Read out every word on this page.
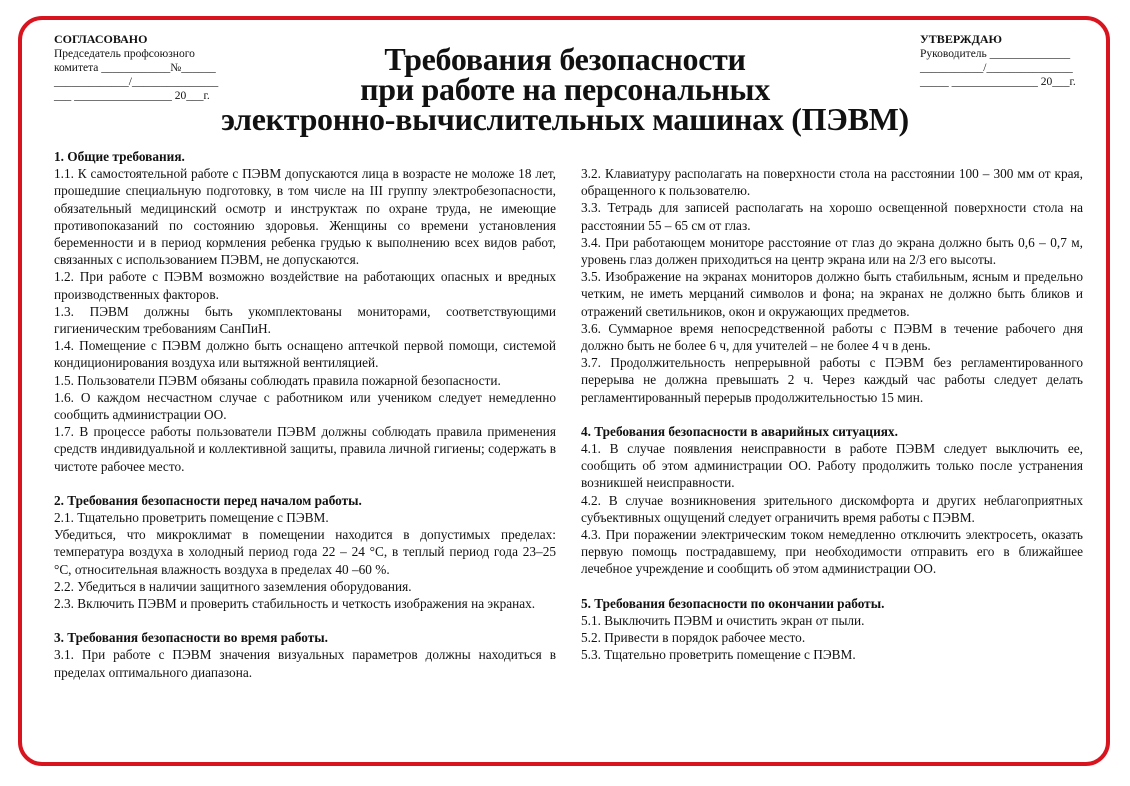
СОГЛАСОВАНО
Председатель профсоюзного
комитета ____________№______
_____________/_______________
___ _________________ 20___г.
УТВЕРЖДАЮ
Руководитель ______________
___________/_______________
_____ _______________ 20___г.
Требования безопасности
при работе на персональных
электронно-вычислительных машинах (ПЭВМ)

1. Общие требования.

1.1. К самостоятельной работе с ПЭВМ допускаются лица в возрасте не моложе 18 лет, прошедшие специальную подготовку, в том числе на III группу электробезопасности, обязательный медицинский осмотр и инструктаж по охране труда, не имеющие противопоказаний по состоянию здоровья. Женщины со времени установления беременности и в период кормления ребенка грудью к выполнению всех видов работ, связанных с использованием ПЭВМ, не допускаются.

1.2. При работе с ПЭВМ возможно воздействие на работающих опасных и вредных производственных факторов.

1.3. ПЭВМ должны быть укомплектованы мониторами, соответствующими гигиеническим требованиям СанПиН.

1.4. Помещение с ПЭВМ должно быть оснащено аптечкой первой помощи, системой кондиционирования воздуха или вытяжной вентиляцией.

1.5. Пользователи ПЭВМ обязаны соблюдать правила пожарной безопасности.

1.6. О каждом несчастном случае с работником или учеником следует немедленно сообщить администрации ОО.

1.7. В процессе работы пользователи ПЭВМ должны соблюдать правила применения средств индивидуальной и коллективной защиты, правила личной гигиены; содержать в чистоте рабочее место.

2. Требования безопасности перед началом работы.

2.1. Тщательно проветрить помещение с ПЭВМ.

Убедиться, что микроклимат в помещении находится в допустимых пределах: температура воздуха в холодный период года 22 – 24 °С, в теплый период года 23–25 °С, относительная влажность воздуха в пределах 40 –60 %.

2.2. Убедиться в наличии защитного заземления оборудования.

2.3. Включить ПЭВМ и проверить стабильность и четкость изображения на экранах.

3. Требования безопасности во время работы.

3.1. При работе с ПЭВМ значения визуальных параметров должны находиться в пределах оптимального диапазона.

3.2. Клавиатуру располагать на поверхности стола на расстоянии 100 – 300 мм от края, обращенного к пользователю.

3.3. Тетрадь для записей располагать на хорошо освещенной поверхности стола на расстоянии 55 – 65 см от глаз.

3.4. При работающем мониторе расстояние от глаз до экрана должно быть 0,6 – 0,7 м, уровень глаз должен приходиться на центр экрана или на 2/3 его высоты.

3.5. Изображение на экранах мониторов должно быть стабильным, ясным и предельно четким, не иметь мерцаний символов и фона; на экранах не должно быть бликов и отражений светильников, окон и окружающих предметов.

3.6. Суммарное время непосредственной работы с ПЭВМ в течение рабочего дня должно быть не более 6 ч, для учителей – не более 4 ч в день.

3.7. Продолжительность непрерывной работы с ПЭВМ без регламентированного перерыва не должна превышать 2 ч. Через каждый час работы следует делать регламентированный перерыв продолжительностью 15 мин.

4. Требования безопасности в аварийных ситуациях.

4.1. В случае появления неисправности в работе ПЭВМ следует выключить ее, сообщить об этом администрации ОО. Работу продолжить только после устранения возникшей неисправности.

4.2. В случае возникновения зрительного дискомфорта и других неблагоприятных субъективных ощущений следует ограничить время работы с ПЭВМ.

4.3. При поражении электрическим током немедленно отключить электросеть, оказать первую помощь пострадавшему, при необходимости отправить его в ближайшее лечебное учреждение и сообщить об этом администрации ОО.

5. Требования безопасности по окончании работы.

5.1. Выключить ПЭВМ и очистить экран от пыли.

5.2. Привести в порядок рабочее место.

5.3. Тщательно проветрить помещение с ПЭВМ.
